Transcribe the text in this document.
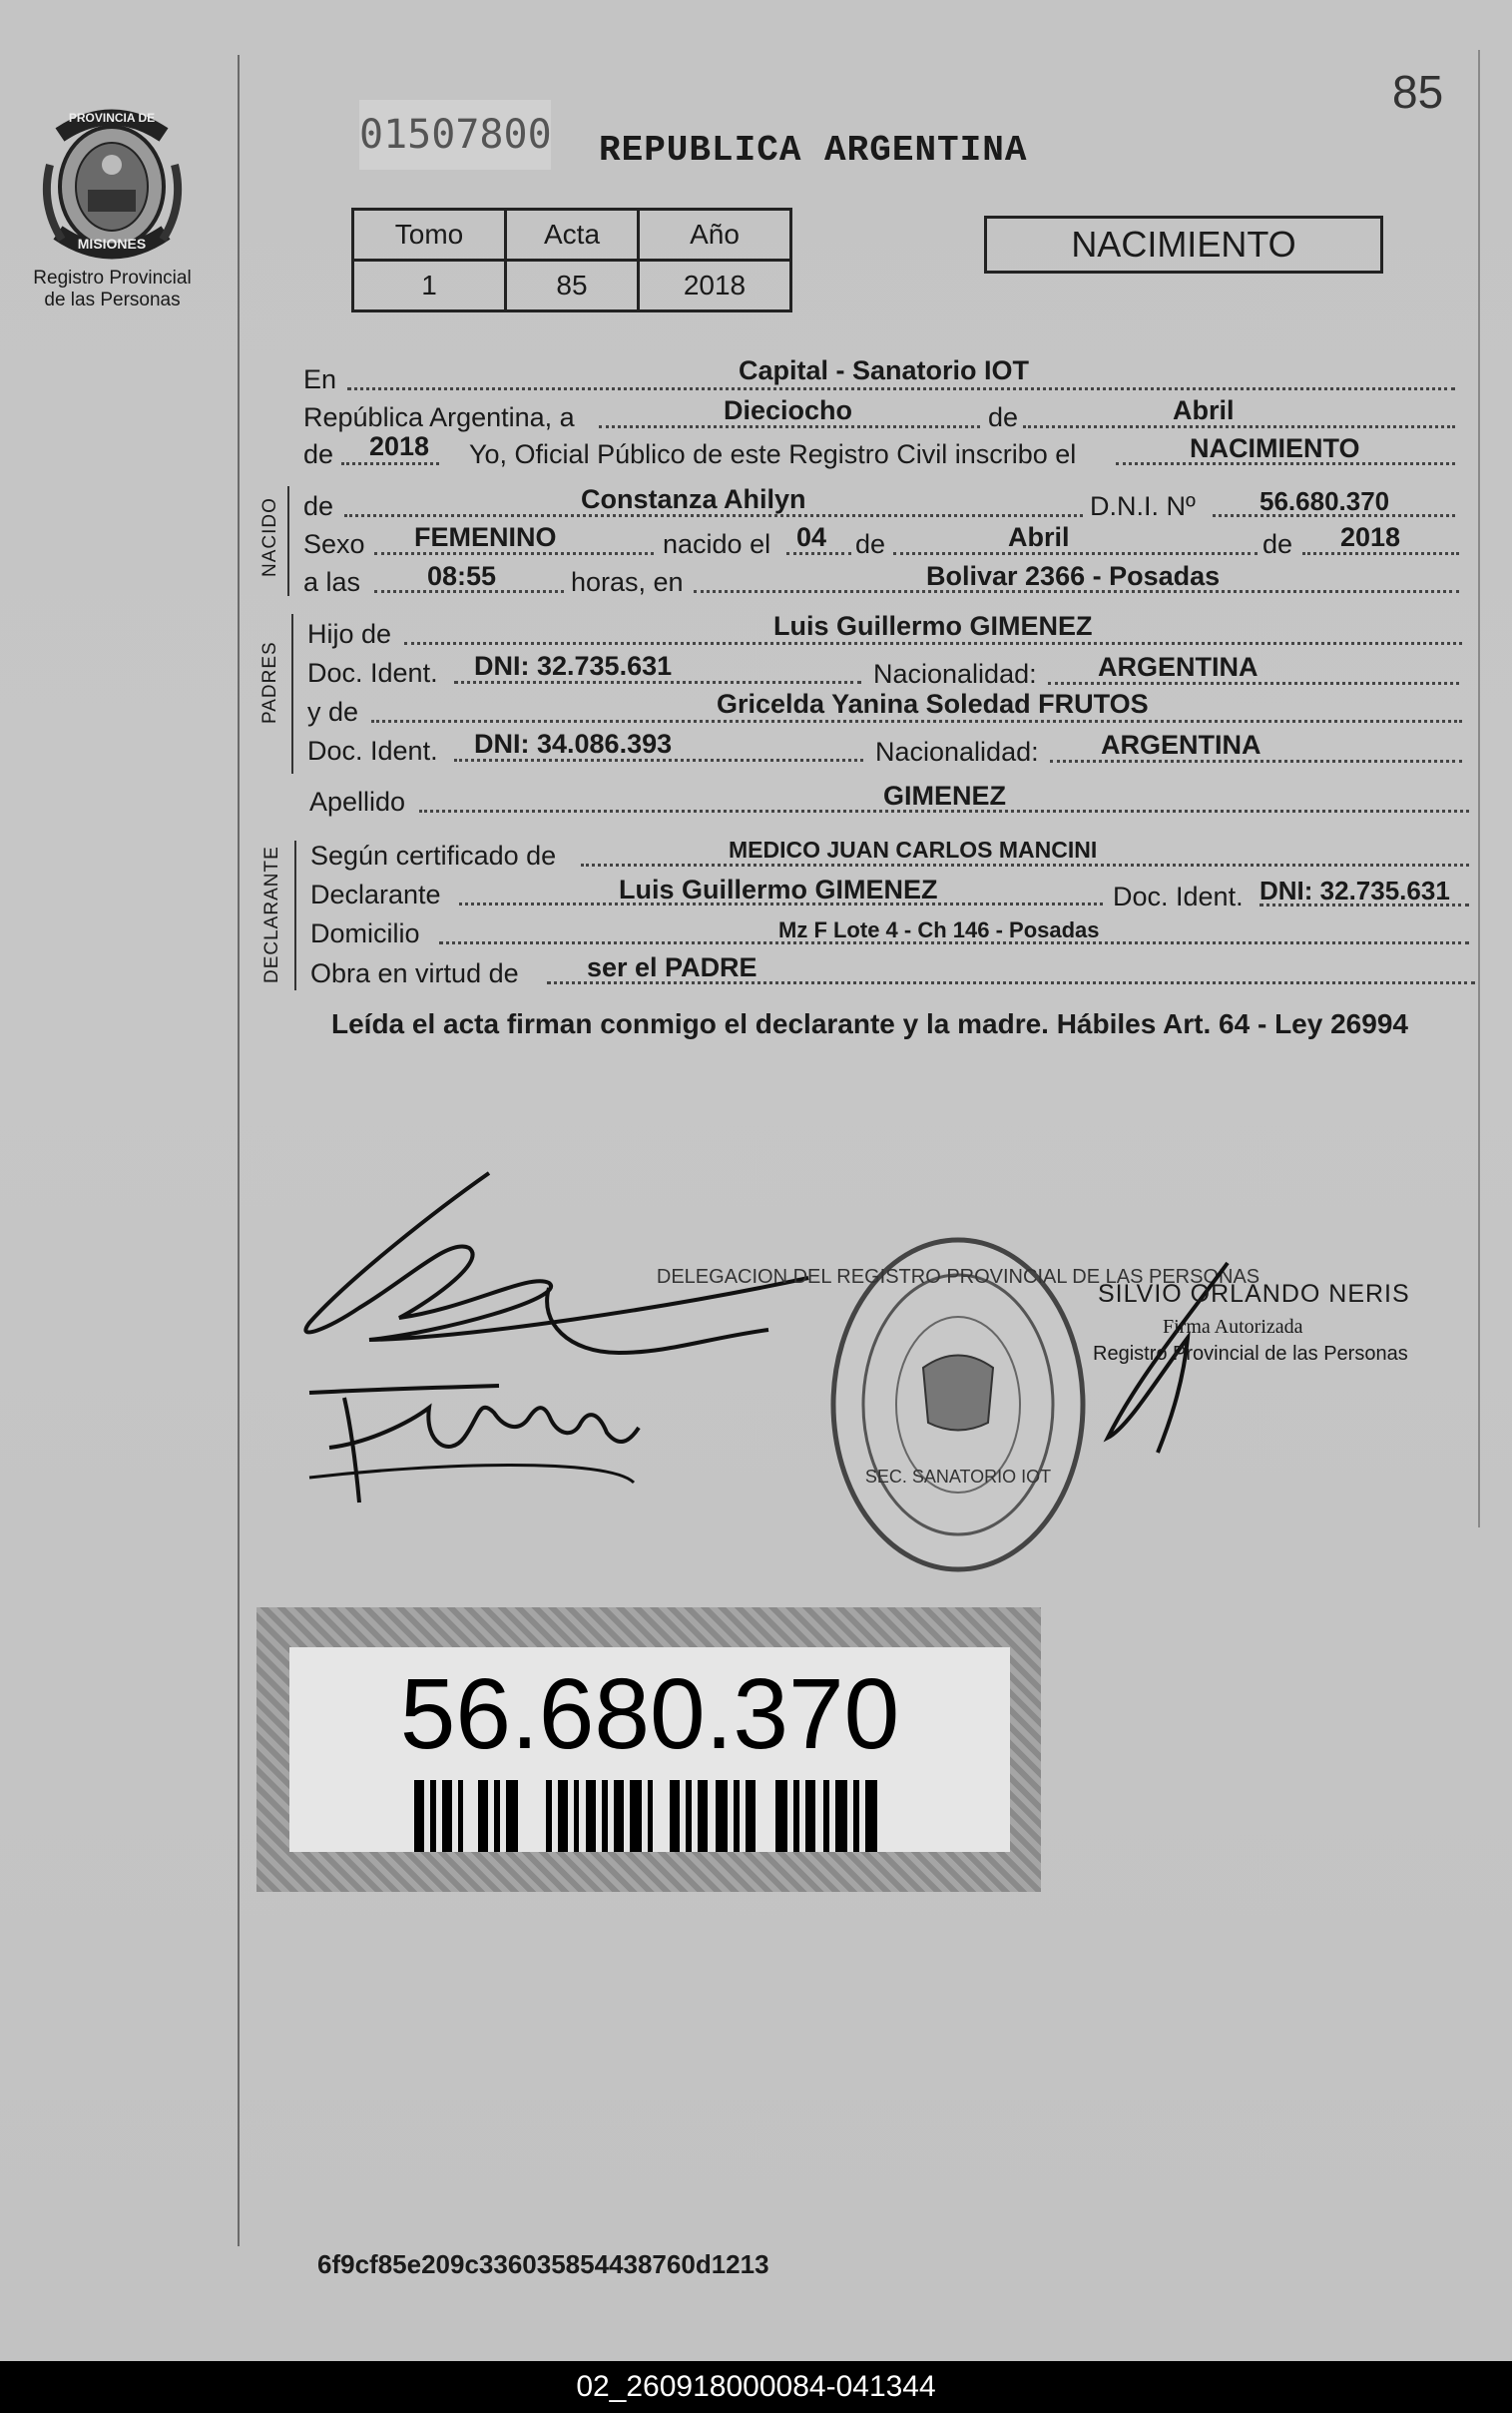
PROVINCIA DE
MISIONES
Registro Provincial
de las Personas
01507800 REPUBLICA ARGENTINA
85
Tomo	Acta	Año
1	85	2018
NACIMIENTO
En	Capital - Sanatorio IOT
República Argentina, a	Dieciocho	de	Abril
de 2018 Yo, Oficial Público de este Registro Civil inscribo el	NACIMIENTO
NACIDO de	Constanza Ahilyn	D.N.I. Nº 56.680.370
Sexo FEMENINO	nacido el 04 de	Abril	de 2018
a las 08:55	horas, en	Bolivar 2366 - Posadas
PADRES
Hijo de	Luis Guillermo GIMENEZ
Doc. Ident. DNI: 32.735.631	Nacionalidad: ARGENTINA
y de	Gricelda Yanina Soledad FRUTOS
Doc. Ident. DNI: 34.086.393	Nacionalidad: ARGENTINA
Apellido	GIMENEZ
DECLARANTE Según certificado de	MEDICO JUAN CARLOS MANCINI
Declarante	Luis Guillermo GIMENEZ	Doc. Ident. DNI: 32.735.631
Domicilio	Mz F Lote 4 - Ch 146 - Posadas
Obra en virtud de	ser el PADRE
Leída el acta firman conmigo el declarante y la madre. Hábiles Art. 64 - Ley 26994
DELEGACION DEL REGISTRO PROVINCIAL DE LAS PERSONAS
SEC. SANATORIO IOT
SILVIO ORLANDO NERIS
Firma Autorizada
Registro Provincial de las Personas
56.680.370
6f9cf85e209c336035854438760d1213
02_260918000084-041344
